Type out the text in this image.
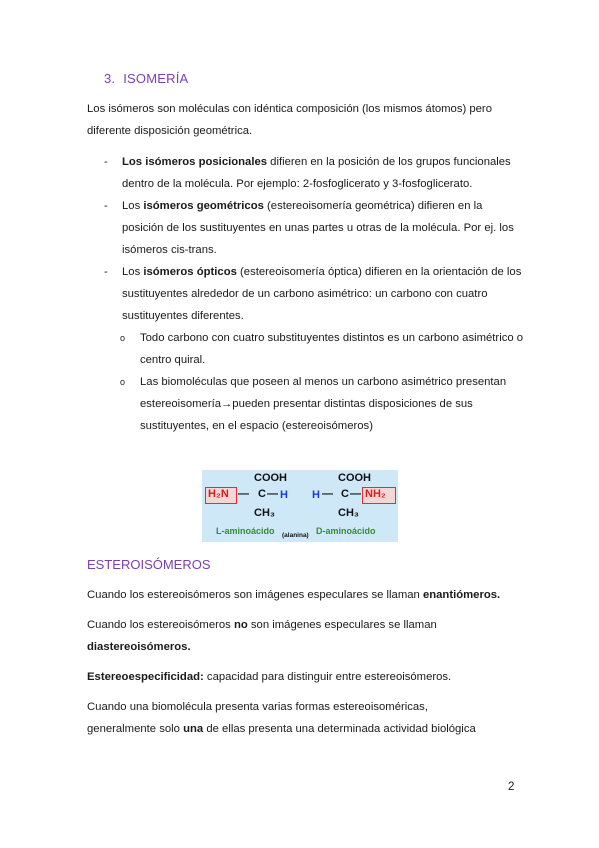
3. ISOMERÍA
Los isómeros son moléculas con idéntica composición (los mismos átomos) pero diferente disposición geométrica.
- Los isómeros posicionales difieren en la posición de los grupos funcionales dentro de la molécula. Por ejemplo: 2-fosfoglicerato y 3-fosfoglicerato.
- Los isómeros geométricos (estereoisomería geométrica) difieren en la posición de los sustituyentes en unas partes u otras de la molécula. Por ej. los isómeros cis-trans.
- Los isómeros ópticos (estereoisomería óptica) difieren en la orientación de los sustituyentes alrededor de un carbono asimétrico: un carbono con cuatro sustituyentes diferentes.
o Todo carbono con cuatro substituyentes distintos es un carbono asimétrico o centro quiral.
o Las biomoléculas que poseen al menos un carbono asimétrico presentan estereoisomería→pueden presentar distintas disposiciones de sus sustituyentes, en el espacio (estereoisómeros)
COOH
H₂N — C — H
CH₃
COOH
H — C — NH₂
CH₃
L-aminoácido (alanina) D-aminoácido
ESTEROISÓMEROS
Cuando los estereoisómeros son imágenes especulares se llaman enantiómeros.
Cuando los estereoisómeros no son imágenes especulares se llaman
diastereoisómeros.
Estereoespecificidad: capacidad para distinguir entre estereoisómeros.
Cuando una biomolécula presenta varias formas estereoisoméricas,
generalmente solo una de ellas presenta una determinada actividad biológica
2
